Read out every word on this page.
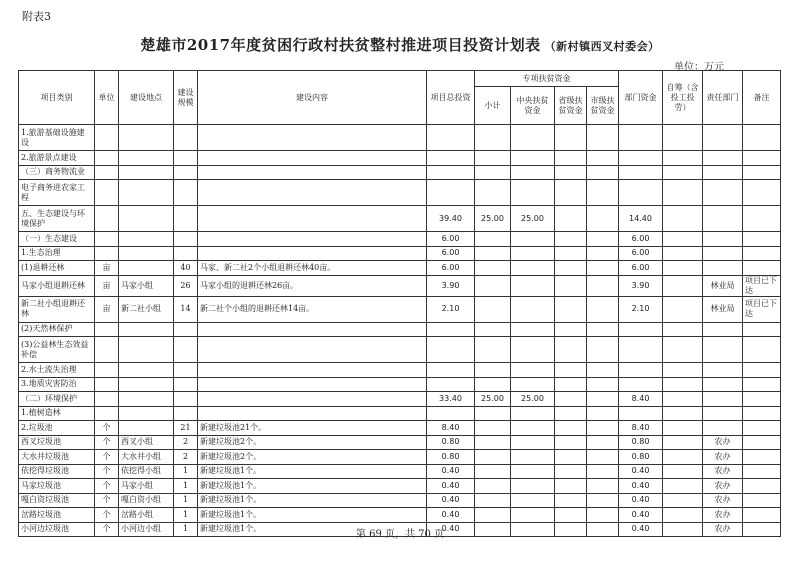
附表3
楚雄市2017年度贫困行政村扶贫整村推进项目投资计划表 （新村镇西叉村委会）
单位：万元
项目类别	单位	建设地点	建设规模	建设内容	项目总投资	专项扶贫资金				部门资金	自筹（含投工投劳）	责任部门	备注
						小计	中央扶贫资金	省级扶贫资金	市级扶贫资金				
1.旅游基础设施建设													
2.旅游景点建设													
（三）商务物流业													
电子商务进农家工程													
五、生态建设与环境保护					39.40	25.00	25.00			14.40			
（一）生态建设					6.00					6.00			
1.生态治理					6.00					6.00			
(1)退耕还林	亩		40	马家、新二社2个小组退耕还林40亩。	6.00					6.00			
马家小组退耕还林	亩	马家小组	26	马家小组的退耕还林26亩。	3.90					3.90		林业局	项目已下达
新二社小组退耕还林	亩	新二社小组	14	新二社个小组的退耕还林14亩。	2.10					2.10		林业局	项目已下达
(2)天然林保护													
(3)公益林生态效益补偿													
2.水土流失治理													
3.地质灾害防治													
（二）环境保护					33.40	25.00	25.00			8.40			
1.植树造林													
2.垃圾池	个		21	新建垃圾池21个。	8.40					8.40			
西叉垃圾池	个	西叉小组	2	新建垃圾池2个。	0.80					0.80		农办	
大水井垃圾池	个	大水井小组	2	新建垃圾池2个。	0.80					0.80		农办	
依挖得垃圾池	个	依挖得小组	1	新建垃圾池1个。	0.40					0.40		农办	
马家垃圾池	个	马家小组	1	新建垃圾池1个。	0.40					0.40		农办	
嘎白资垃圾池	个	嘎白资小组	1	新建垃圾池1个。	0.40					0.40		农办	
岔路垃圾池	个	岔路小组	1	新建垃圾池1个。	0.40					0.40		农办	
小河边垃圾池	个	小河边小组	1	新建垃圾池1个。	0.40					0.40		农办	
第 69 页，共 70 页
